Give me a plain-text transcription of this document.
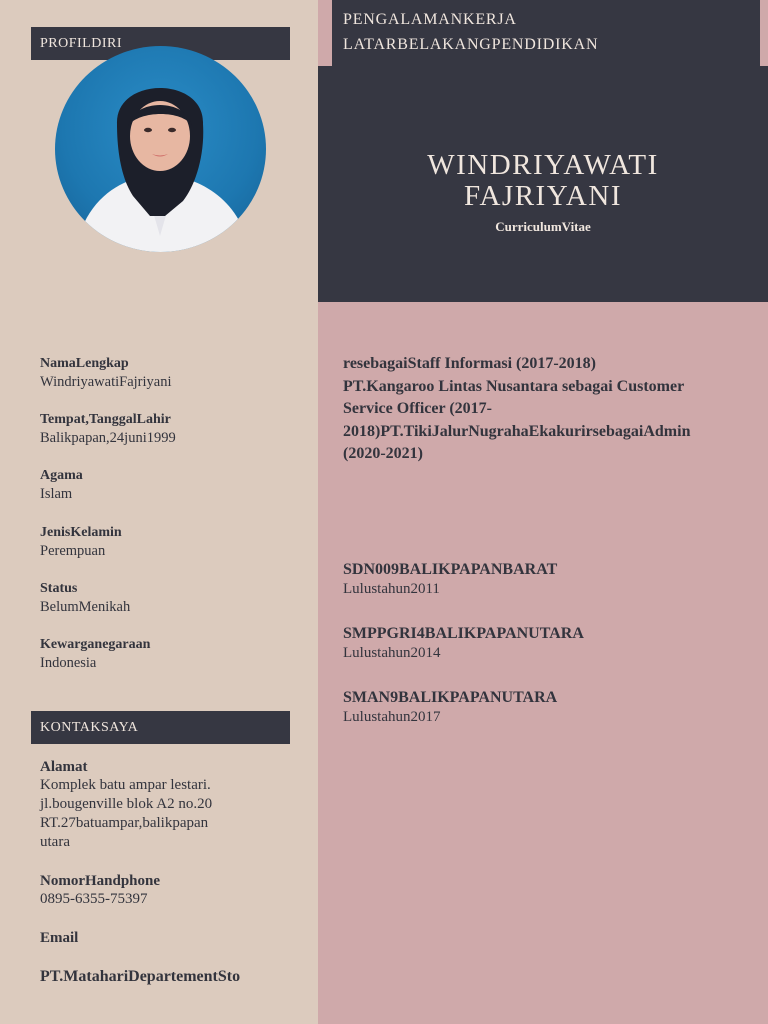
PENGALAMANKERJA
LATARBELAKANGPENDIDIKAN
PROFILDIRI
WINDRIYAWATI
FAJRIYANI
CurriculumVitae
NamaLengkap
WindriyawatiFajriyani
Tempat,TanggalLahir
Balikpapan,24juni1999
Agama
Islam
JenisKelamin
Perempuan
Status
BelumMenikah
Kewarganegaraan
Indonesia
KONTAKSAYA
Alamat
Komplek batu ampar lestari.
jl.bougenville blok A2 no.20
RT.27batuampar,balikpapan
utara
NomorHandphone
0895-6355-75397
Email
PT.MatahariDepartementSto
resebagaiStaff Informasi (2017-2018)
PT.Kangaroo Lintas Nusantara sebagai Customer
Service Officer (2017-
2018)PT.TikiJalurNugrahaEkakurirsebagaiAdmin
(2020-2021)
SDN009BALIKPAPANBARAT
Lulustahun2011
SMPPGRI4BALIKPAPANUTARA
Lulustahun2014
SMAN9BALIKPAPANUTARA
Lulustahun2017
